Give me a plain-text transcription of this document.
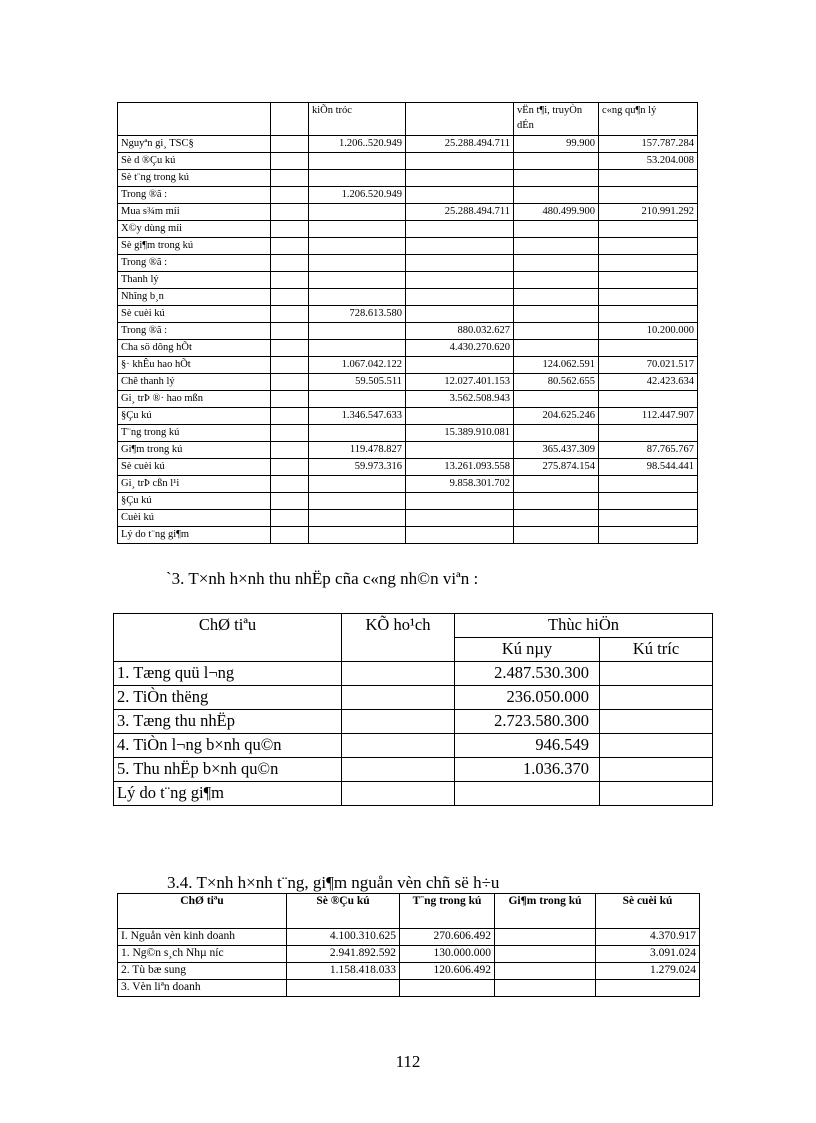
		kiÕn tróc		vËn t¶i, truyÒn dÉn	c«ng qu¶n lý
Nguyªn gi¸ TSC§		1.206..520.949	25.288.494.711	99.900	157.787.284
Sè d ®Çu kú					53.204.008
Sè t¨ng trong kú					
Trong ®ã :		1.206.520.949			
Mua s¾m míi			25.288.494.711	480.499.900	210.991.292
X©y dùng míi					
Sè gi¶m trong kú					
Trong ®ã :					
Thanh lý					
Nhîng b¸n					
Sè cuèi kú		728.613.580			
Trong ®ã :			880.032.627		10.200.000
Cha sö dông hÕt			4.430.270.620		
§· khÊu hao hÕt		1.067.042.122		124.062.591	70.021.517
Chê thanh lý		59.505.511	12.027.401.153	80.562.655	42.423.634
Gi¸ trÞ ®· hao mßn			3.562.508.943		
§Çu kú		1.346.547.633		204.625.246	112.447.907
T¨ng trong kú			15.389.910.081		
Gi¶m trong kú		119.478.827		365.437.309	87.765.767
Sè cuèi kú		59.973.316	13.261.093.558	275.874.154	98.544.441
Gi¸ trÞ cßn l¹i			9.858.301.702		
§Çu kú					
Cuèi kú					
Lý do t¨ng gi¶m					
`3. T×nh h×nh thu nhËp cña c«ng nh©n viªn :
ChØ tiªu	KÕ ho¹ch	Thùc hiÖn	
		Kú nµy	Kú tríc
1. Tæng quü l¬ng		2.487.530.300	
2. TiÒn thëng		236.050.000	
3. Tæng thu nhËp		2.723.580.300	
4. TiÒn l¬ng b×nh qu©n		946.549	
5. Thu nhËp b×nh qu©n		1.036.370	
Lý do t¨ng gi¶m			
3.4. T×nh h×nh t¨ng, gi¶m nguån vèn chñ së h÷u
ChØ tiªu	Sè ®Çu kú	T¨ng trong kú	Gi¶m trong kú	Sè cuèi kú
I. Nguån vèn kinh doanh	4.100.310.625	270.606.492		4.370.917
1. Ng©n s¸ch Nhµ níc	2.941.892.592	130.000.000		3.091.024
2. Tù bæ sung	1.158.418.033	120.606.492		1.279.024
3. Vèn liªn doanh				
112
